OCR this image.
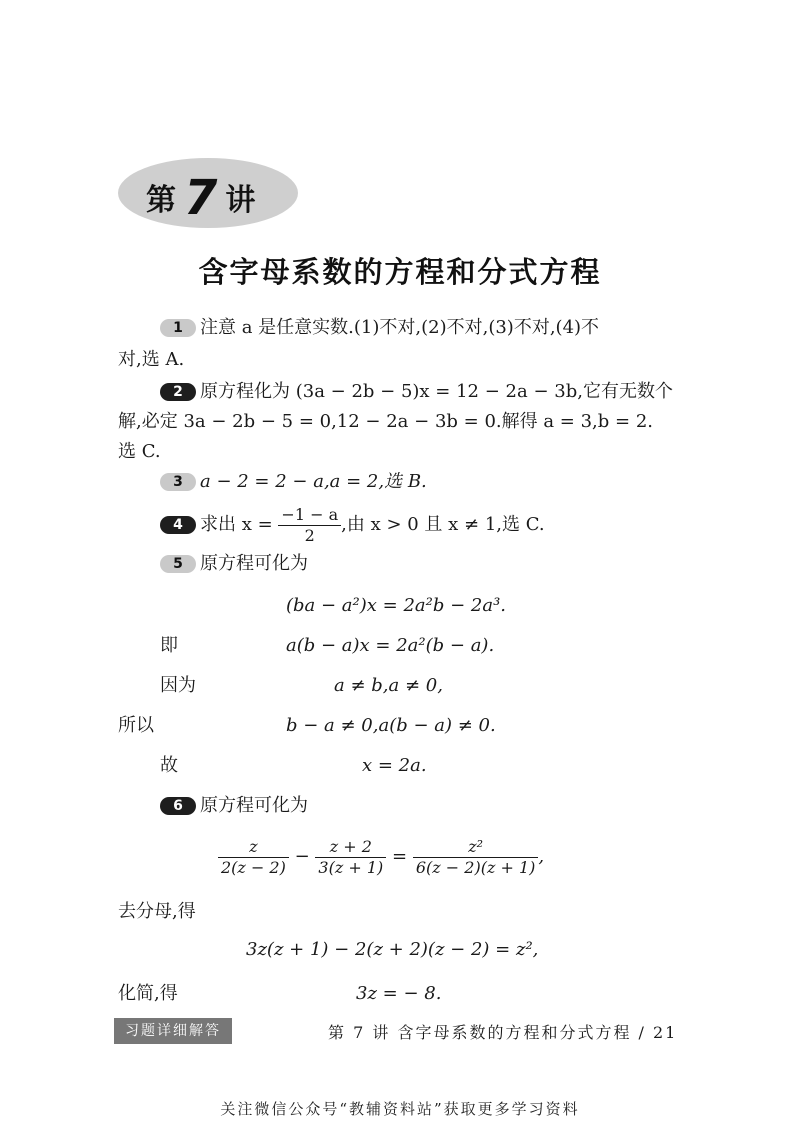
第 7 讲
含字母系数的方程和分式方程
1 注意 a 是任意实数.(1)不对,(2)不对,(3)不对,(4)不
对,选 A.
2 原方程化为 (3a − 2b − 5)x = 12 − 2a − 3b,它有无数个
解,必定 3a − 2b − 5 = 0,12 − 2a − 3b = 0.解得 a = 3,b = 2.
选 C.
3 a − 2 = 2 − a,a = 2,选 B.
4 求出 $x = \frac{-1 - a}{2}$ ,由 x > 0 且 x ≠ 1,选 C.
5 原方程可化为
(ba − a²)x = 2a²b − 2a³.
即	a(b − a)x = 2a²(b − a).
因为	a ≠ b,a ≠ 0,
所以	b − a ≠ 0,a(b − a) ≠ 0.
故	x = 2a.
6 原方程可化为
$\frac{z}{2(z - 2)} - \frac{z + 2}{3(z + 1)} = \frac{\text{z²}}{6(z - 2)(z + 1)}$ ,
去分母,得
3z(z + 1) − 2(z + 2)(z − 2) = z²,
化简,得	3z = − 8.
习题详细解答	第 7 讲 含字母系数的方程和分式方程 / 21
关注微信公众号“教辅资料站”获取更多学习资料
